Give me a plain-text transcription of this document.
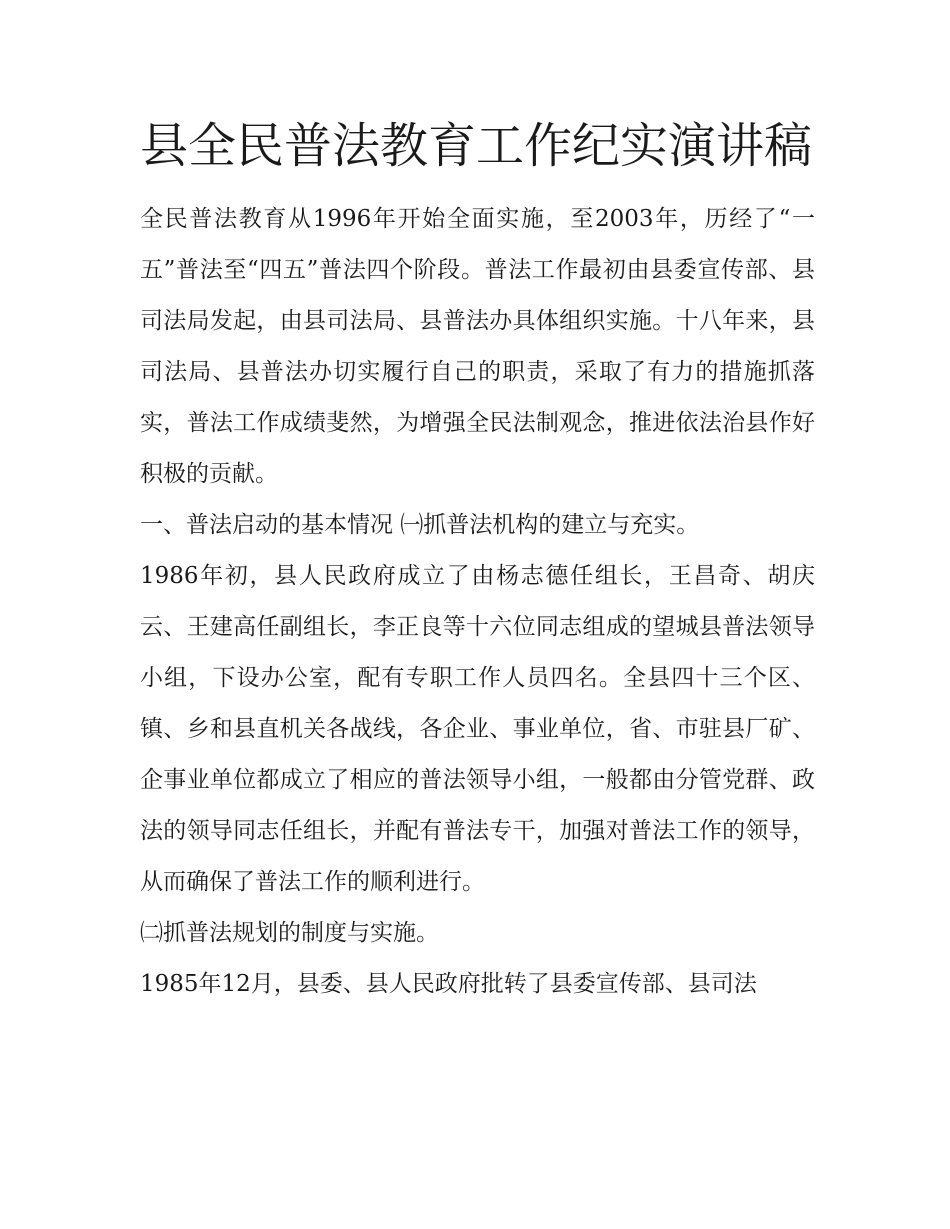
县全民普法教育工作纪实演讲稿

全民普法教育从1996年开始全面实施，至2003年，历经了“一五”普法至“四五”普法四个阶段。普法工作最初由县委宣传部、县司法局发起，由县司法局、县普法办具体组织实施。十八年来，县司法局、县普法办切实履行自己的职责，采取了有力的措施抓落实，普法工作成绩斐然，为增强全民法制观念，推进依法治县作好积极的贡献。

一、普法启动的基本情况 ㈠抓普法机构的建立与充实。

1986年初，县人民政府成立了由杨志德任组长，王昌奇、胡庆云、王建高任副组长，李正良等十六位同志组成的望城县普法领导小组，下设办公室，配有专职工作人员四名。全县四十三个区、镇、乡和县直机关各战线，各企业、事业单位，省、市驻县厂矿、企事业单位都成立了相应的普法领导小组，一般都由分管党群、政法的领导同志任组长，并配有普法专干，加强对普法工作的领导，从而确保了普法工作的顺利进行。

㈡抓普法规划的制度与实施。

1985年12月，县委、县人民政府批转了县委宣传部、县司法
